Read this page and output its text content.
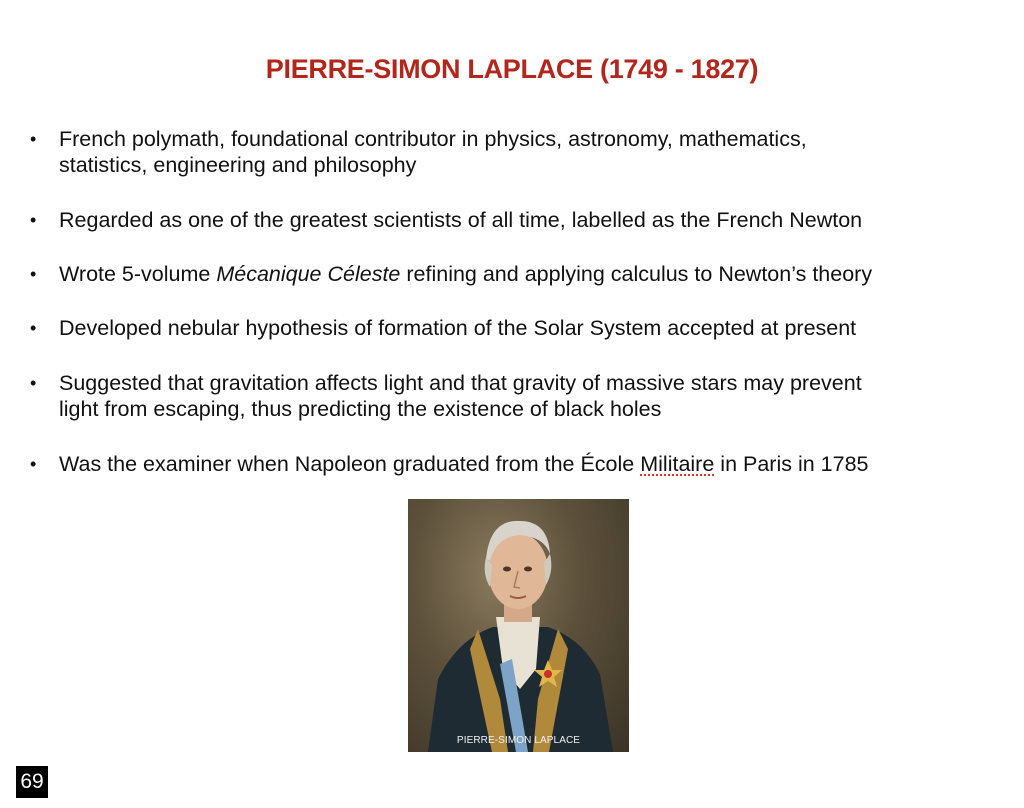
PIERRE-SIMON LAPLACE (1749 - 1827)
•	French polymath, foundational contributor in physics, astronomy, mathematics,
statistics, engineering and philosophy
•	Regarded as one of the greatest scientists of all time, labelled as the French Newton
•	Wrote 5-volume Mécanique Céleste refining and applying calculus to Newton’s theory
•	Developed nebular hypothesis of formation of the Solar System accepted at present
•	Suggested that gravitation affects light and that gravity of massive stars may prevent
light from escaping, thus predicting the existence of black holes
•	Was the examiner when Napoleon graduated from the École Militaire in Paris in 1785
PIERRE-SIMON LAPLACE
69
